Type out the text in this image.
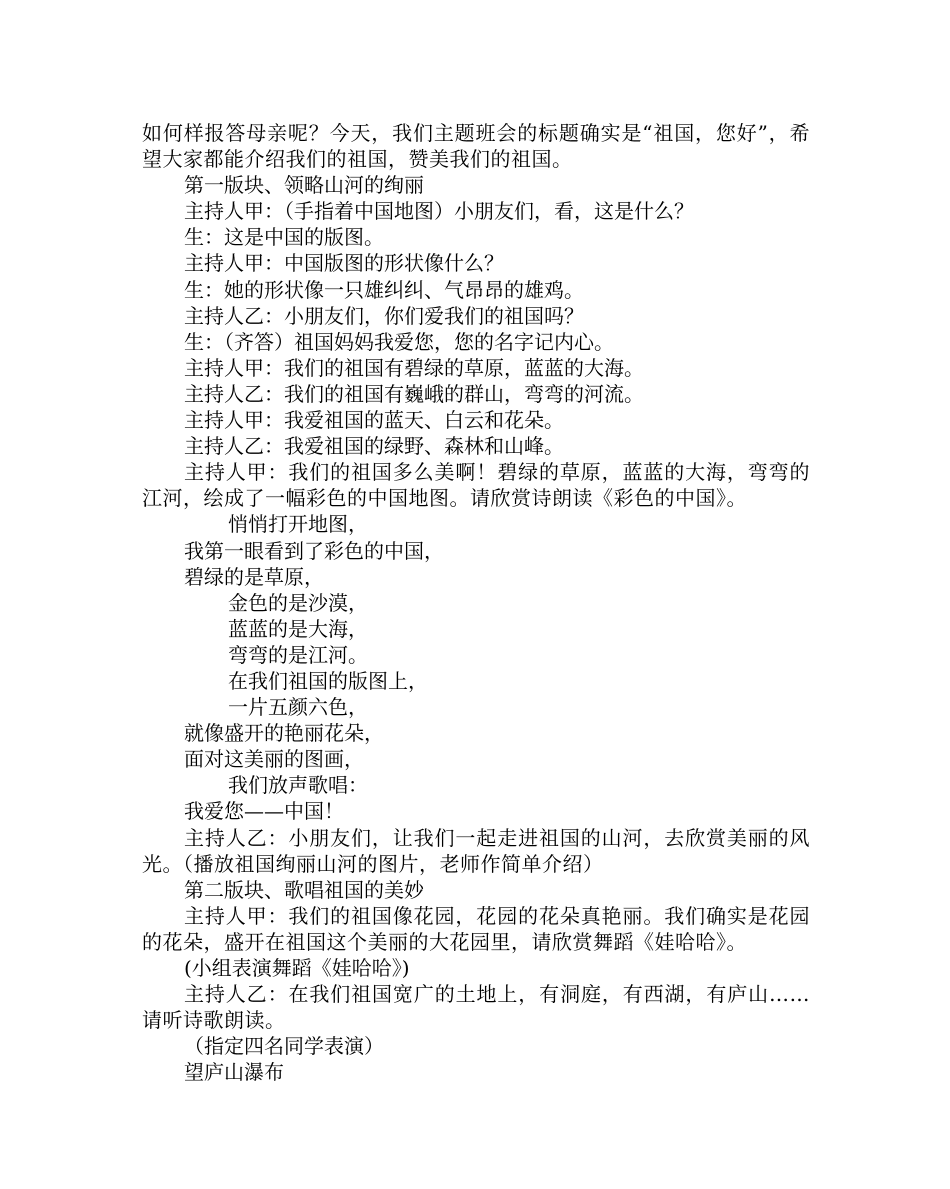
如何样报答母亲呢？今天，我们主题班会的标题确实是“祖国，您好”，希望大家都能介绍我们的祖国，赞美我们的祖国。

第一版块、领略山河的绚丽

主持人甲：（手指着中国地图）小朋友们，看，这是什么？

生：这是中国的版图。

主持人甲：中国版图的形状像什么？

生：她的形状像一只雄纠纠、气昂昂的雄鸡。

主持人乙：小朋友们，你们爱我们的祖国吗？

生：（齐答）祖国妈妈我爱您，您的名字记内心。

主持人甲：我们的祖国有碧绿的草原，蓝蓝的大海。

主持人乙：我们的祖国有巍峨的群山，弯弯的河流。

主持人甲：我爱祖国的蓝天、白云和花朵。

主持人乙：我爱祖国的绿野、森林和山峰。

主持人甲：我们的祖国多么美啊！碧绿的草原，蓝蓝的大海，弯弯的江河，绘成了一幅彩色的中国地图。请欣赏诗朗读《彩色的中国》。

悄悄打开地图，

我第一眼看到了彩色的中国，

碧绿的是草原，

金色的是沙漠，

蓝蓝的是大海，

弯弯的是江河。

在我们祖国的版图上，

一片五颜六色，

就像盛开的艳丽花朵，

面对这美丽的图画，

我们放声歌唱：

我爱您——中国！

主持人乙：小朋友们，让我们一起走进祖国的山河，去欣赏美丽的风光。（播放祖国绚丽山河的图片，老师作简单介绍）

第二版块、歌唱祖国的美妙

主持人甲：我们的祖国像花园，花园的花朵真艳丽。我们确实是花园的花朵，盛开在祖国这个美丽的大花园里，请欣赏舞蹈《娃哈哈》。

(小组表演舞蹈《娃哈哈》)

主持人乙：在我们祖国宽广的土地上，有洞庭，有西湖，有庐山……请听诗歌朗读。

（指定四名同学表演）

望庐山瀑布
